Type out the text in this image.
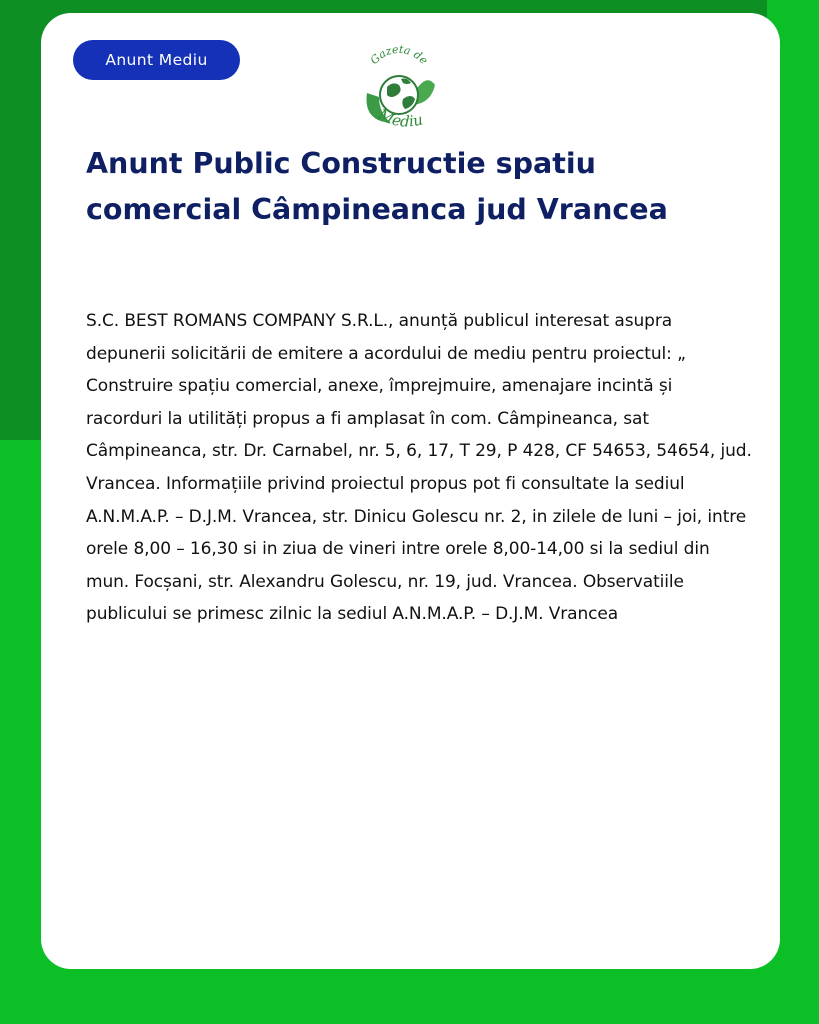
Anunt Mediu	Gazeta de
Mediu
Anunt Public Constructie spatiu comercial Câmpineanca jud Vrancea

S.C. BEST ROMANS COMPANY S.R.L., anunță publicul interesat asupra depunerii solicitării de emitere a acordului de mediu pentru proiectul: „ Construire spațiu comercial, anexe, împrejmuire, amenajare incintă și racorduri la utilități propus a fi amplasat în com. Câmpineanca, sat Câmpineanca, str. Dr. Carnabel, nr. 5, 6, 17, T 29, P 428, CF 54653, 54654, jud. Vrancea. Informațiile privind proiectul propus pot fi consultate la sediul A.N.M.A.P. – D.J.M. Vrancea, str. Dinicu Golescu nr. 2, in zilele de luni – joi, intre orele 8,00 – 16,30 si in ziua de vineri intre orele 8,00-14,00 si la sediul din mun. Focșani, str. Alexandru Golescu, nr. 19, jud. Vrancea. Observatiile publicului se primesc zilnic la sediul A.N.M.A.P. – D.J.M. Vrancea
